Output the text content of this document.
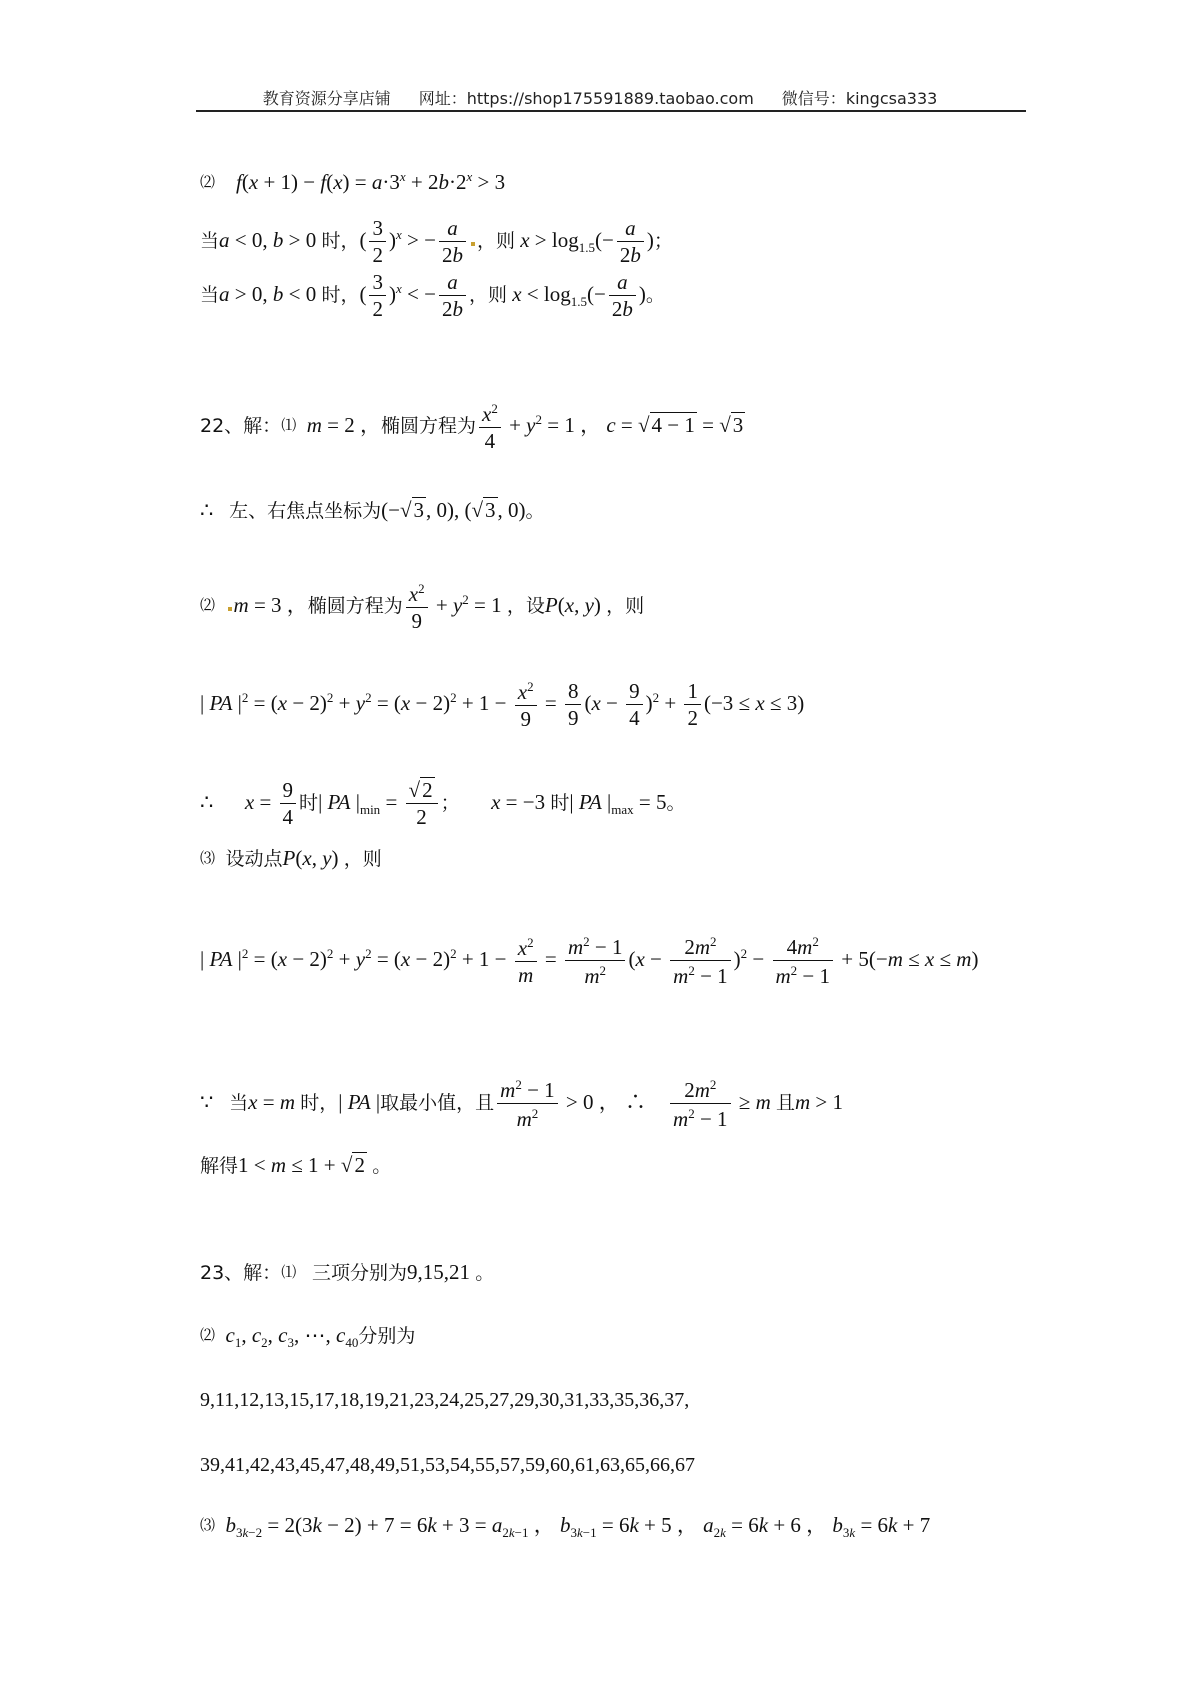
教育资源分享店铺 网址：https://shop175591889.taobao.com 微信号：kingcsa333
⑵ $f(x + 1) - f(x) = a\cdot 3^x + 2b\cdot 2^x > 3$
当a < 0, b > 0 时，( $\frac{3}{2} )^x$ > − $\frac{a}{2b}$ ，则 $x > \log_{1.5}(- \frac{a}{2b}$ )；
当a > 0, b < 0 时，( $\frac{3}{2} )^x$ < − $\frac{a}{2b}$ ，则 $x < \log_{1.5}(- \frac{a}{2b}$ )。
22、解：⑴ m = 2 ，椭圆方程为 $\frac{x^2}{4} + y^2 = 1$ ， c = √4 − 1 = √3
∴ 左、右焦点坐标为(−√3, 0), (√3, 0)。
⑵ m = 3 ，椭圆方程为 $\frac{x^2}{9} + y^2 = 1$ ，设P(x, y) ，则
| PA $|^2 = (x - 2)^2 + y^2 = (x - 2)^2 + 1 - \frac{x^2}{9} = \frac{8}{9} (x - \frac{9}{4} )^2 + \frac{1}{2} (-3 \le x \le 3)$
∴ $x = \frac{9}{4}$ 时| PA $|_{min} = \frac{√2}{2}$ ； x = −3 时| PA $|_{max} = 5$。
⑶ 设动点P(x, y) ，则
| PA $|^2 = (x - 2)^2 + y^2 = (x - 2)^2 + 1 - \frac{x^2}{m} = \frac{m^2 - 1}{m^2} (x - \frac{2m^2}{m^2 - 1} )^2 - \frac{4m^2}{m^2 - 1} + 5(-m \le x \le m)$
∵ 当x = m 时，| PA |取最小值，且 $\frac{m^2 - 1}{m^2} > 0$ ， ∴ $\frac{2m^2}{m^2 - 1} \ge m$ 且m > 1
解得1 < m ≤ 1 + √2 。
23、解：⑴ 三项分别为9,15,21 。
⑵ $c_1$, $c_2$, $c_3$, ⋯, $c_{40}$分别为
9,11,12,13,15,17,18,19,21,23,24,25,27,29,30,31,33,35,36,37,
39,41,42,43,45,47,48,49,51,53,54,55,57,59,60,61,63,65,66,67
⑶ $b_{3k-2} = 2(3k - 2) + 7 = 6k + 3 = a_{2k-1}$ ， $b_{3k-1} = 6k + 5$ ， $a_{2k} = 6k + 6$ ， $b_{3k} = 6k + 7$
